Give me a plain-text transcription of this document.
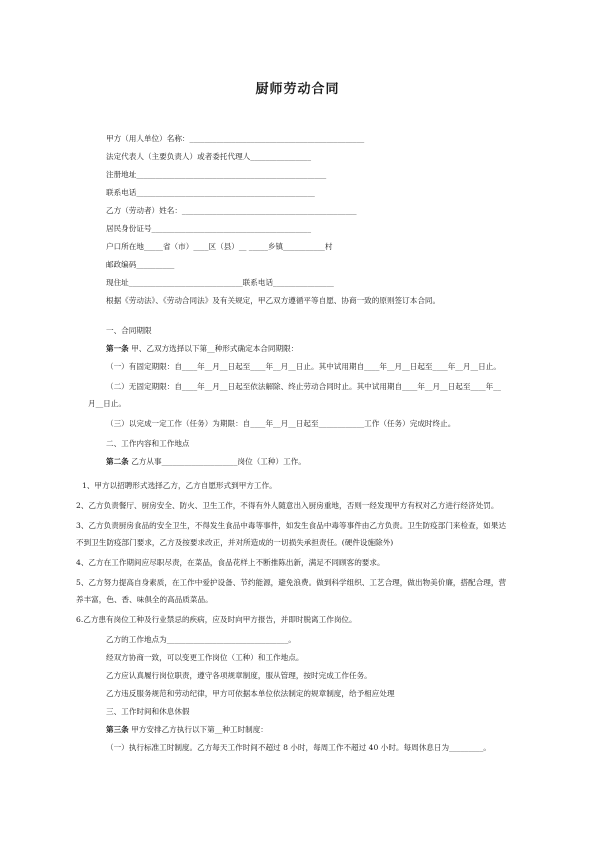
厨师劳动合同
甲方（用人单位）名称：______________________________________________
法定代表人（主要负责人）或者委托代理人________________
注册地址__________________________________________________
联系电话_______________________________________________
乙方（劳动者）姓名：______________________________________________
居民身份证号__________________________________________
户口所在地_____省（市）____区（县）__ _____乡镇___________村
邮政编码__________
现住址______________________________联系电话________________
根据《劳动法》、《劳动合同法》及有关规定，甲乙双方遵循平等自愿、协商一致的原则签订本合同。
一、合同期限
第一条 甲、乙双方选择以下第__种形式确定本合同期限：
（一）有固定期限：自____年__月__日起至____年__月__日止。其中试用期自____年__月__日起至____年__月__日止。
（二）无固定期限：自____年__月__日起至依法解除、终止劳动合同时止。其中试用期自____年__月__日起至____年__月__日止。
（三）以完成一定工作（任务）为期限：自____年__月__日起至____________工作（任务）完成时终止。
二、工作内容和工作地点
第二条 乙方从事____________________岗位（工种）工作。
1、甲方以招聘形式选择乙方，乙方自愿形式到甲方工作。
2、乙方负责餐厅、厨房安全、防火、卫生工作，不得有外人随意出入厨房重地，否则一经发现甲方有权对乙方进行经济处罚。
3、乙方负责厨房食品的安全卫生，不得发生食品中毒等事件，如发生食品中毒等事件由乙方负责。卫生防疫部门来检查，如果达不到卫生防疫部门要求，乙方及按要求改正，并对所造成的一切损失承担责任。(硬件设施除外)
4、乙方在工作期间应尽职尽责，在菜品，食品花样上不断推陈出新，满足不同顾客的要求。
5、乙方努力提高自身素质，在工作中爱护设备、节约能源，避免浪费。做到科学组织、工艺合理，做出物美价廉，搭配合理，营养丰富，色、香、味俱全的高品质菜品。
6.乙方患有岗位工种及行业禁忌的疾病，应及时向甲方报告，并即时脱离工作岗位。
乙方的工作地点为________________________________。
经双方协商一致，可以变更工作岗位（工种）和工作地点。
乙方应认真履行岗位职责，遵守各项规章制度，服从管理，按时完成工作任务。
乙方违反服务规范和劳动纪律，甲方可依据本单位依法制定的规章制度，给予相应处理
三、工作时间和休息休假
第三条 甲方安排乙方执行以下第__种工时制度：
（一）执行标准工时制度。乙方每天工作时间不超过 8 小时，每周工作不超过 40 小时。每周休息日为_________。
